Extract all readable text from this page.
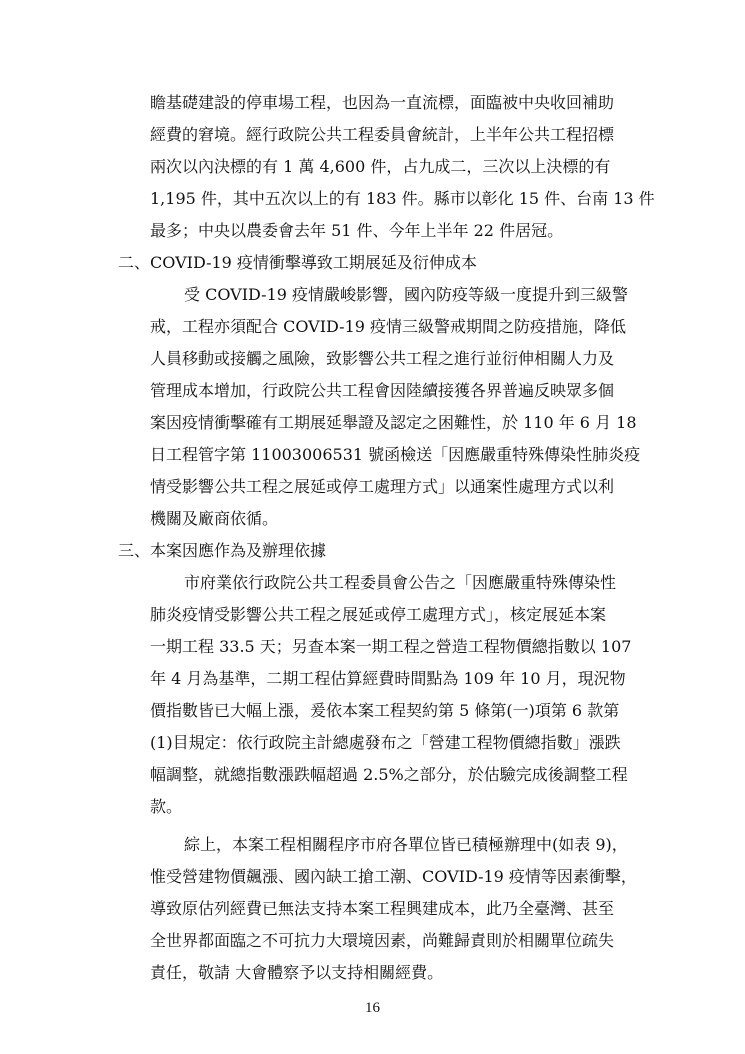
瞻基礎建設的停車場工程，也因為一直流標，面臨被中央收回補助
經費的窘境。經行政院公共工程委員會統計，上半年公共工程招標
兩次以內決標的有 1 萬 4,600 件，占九成二，三次以上決標的有
1,195 件，其中五次以上的有 183 件。縣市以彰化 15 件、台南 13 件
最多；中央以農委會去年 51 件、今年上半年 22 件居冠。
二、COVID-19 疫情衝擊導致工期展延及衍伸成本
受 COVID-19 疫情嚴峻影響，國內防疫等級一度提升到三級警
戒，工程亦須配合 COVID-19 疫情三級警戒期間之防疫措施，降低
人員移動或接觸之風險，致影響公共工程之進行並衍伸相關人力及
管理成本增加，行政院公共工程會因陸續接獲各界普遍反映眾多個
案因疫情衝擊確有工期展延舉證及認定之困難性，於 110 年 6 月 18
日工程管字第 11003006531 號函檢送「因應嚴重特殊傳染性肺炎疫
情受影響公共工程之展延或停工處理方式」以通案性處理方式以利
機關及廠商依循。
三、本案因應作為及辦理依據
市府業依行政院公共工程委員會公告之「因應嚴重特殊傳染性
肺炎疫情受影響公共工程之展延或停工處理方式」，核定展延本案
一期工程 33.5 天；另查本案一期工程之營造工程物價總指數以 107
年 4 月為基準，二期工程估算經費時間點為 109 年 10 月，現況物
價指數皆已大幅上漲，爰依本案工程契約第 5 條第(一)項第 6 款第
(1)目規定：依行政院主計總處發布之「營建工程物價總指數」漲跌
幅調整，就總指數漲跌幅超過 2.5%之部分，於估驗完成後調整工程
款。
綜上，本案工程相關程序市府各單位皆已積極辦理中(如表 9)，
惟受營建物價飆漲、國內缺工搶工潮、COVID-19 疫情等因素衝擊，
導致原估列經費已無法支持本案工程興建成本，此乃全臺灣、甚至
全世界都面臨之不可抗力大環境因素，尚難歸責則於相關單位疏失
責任，敬請 大會體察予以支持相關經費。
16
